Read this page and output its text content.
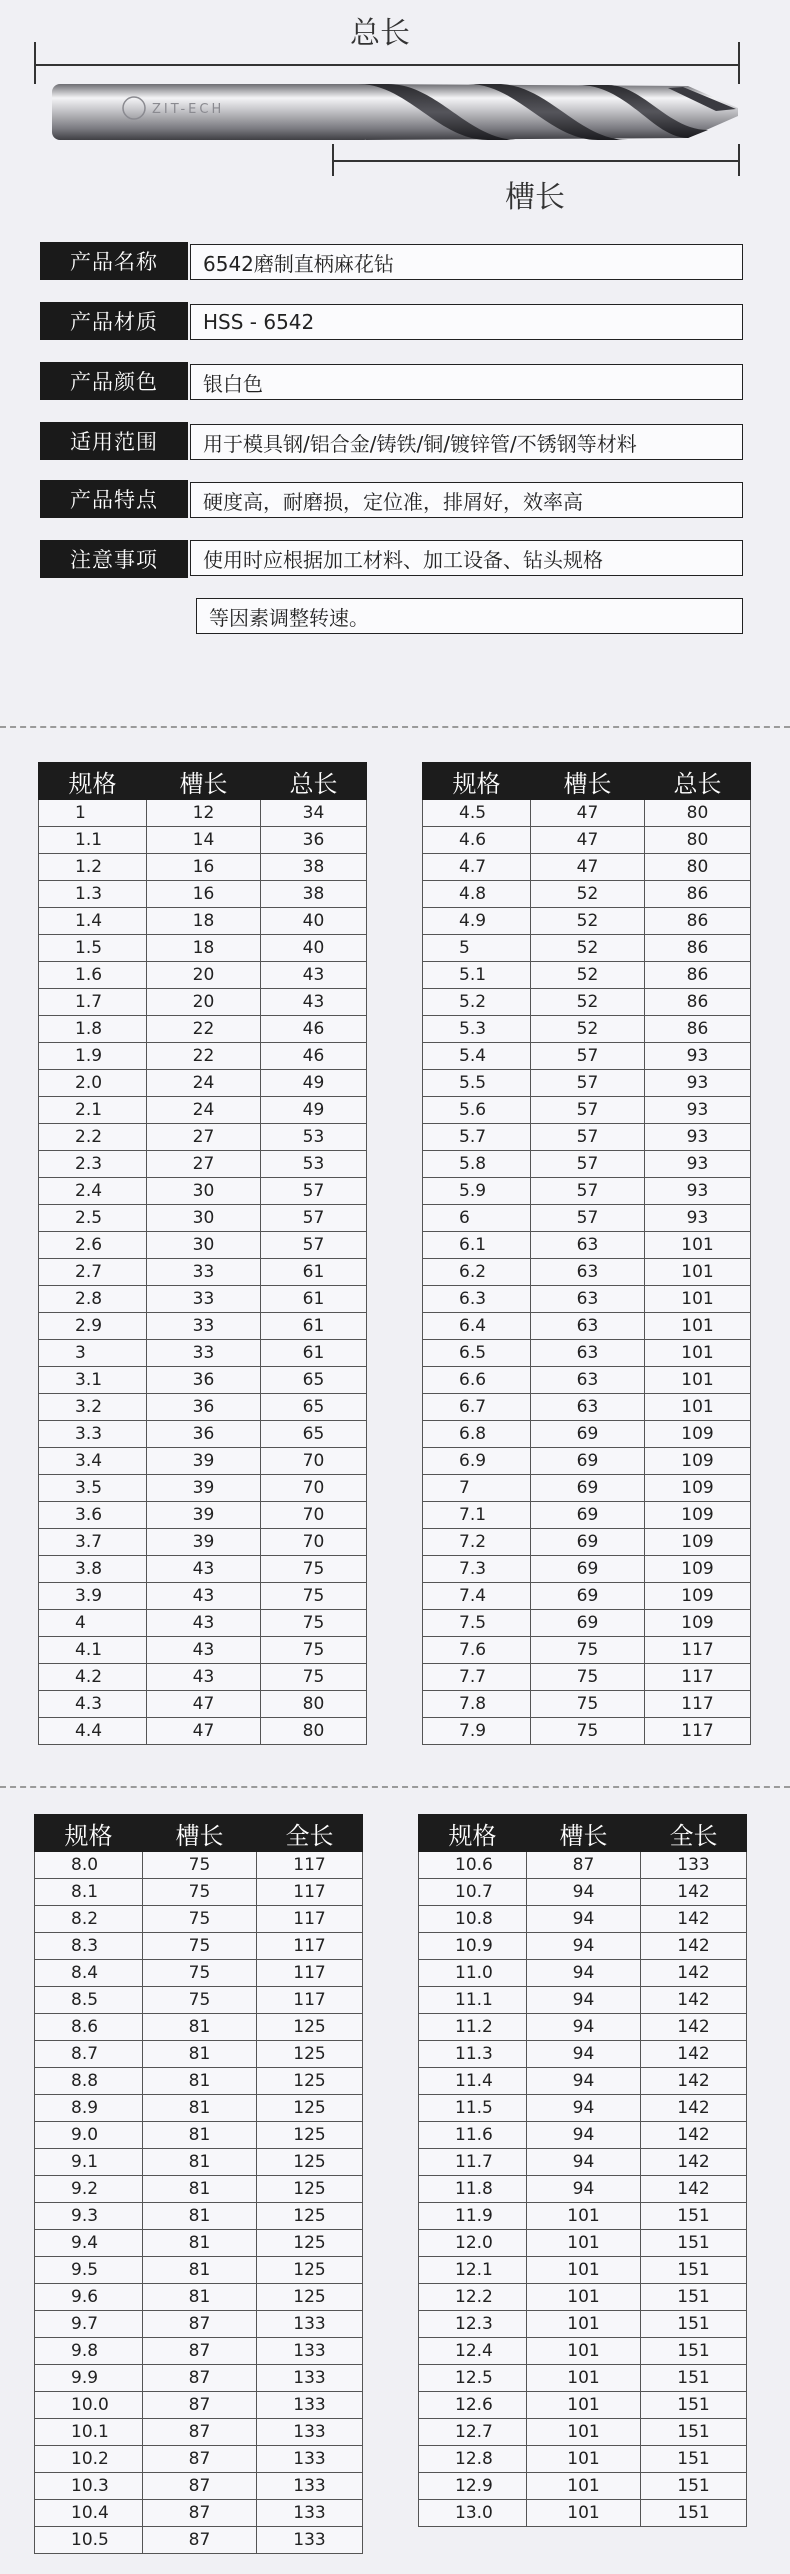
总长
ZIT-ECH
槽长
产品名称	6542磨制直柄麻花钻
产品材质	HSS - 6542
产品颜色	银白色
适用范围	用于模具钢/铝合金/铸铁/铜/镀锌管/不锈钢等材料
产品特点	硬度高，耐磨损，定位准，排屑好，效率高
注意事项	使用时应根据加工材料、加工设备、钻头规格
等因素调整转速。
规格	槽长	总长
1	12	34
1.1	14	36
1.2	16	38
1.3	16	38
1.4	18	40
1.5	18	40
1.6	20	43
1.7	20	43
1.8	22	46
1.9	22	46
2.0	24	49
2.1	24	49
2.2	27	53
2.3	27	53
2.4	30	57
2.5	30	57
2.6	30	57
2.7	33	61
2.8	33	61
2.9	33	61
3	33	61
3.1	36	65
3.2	36	65
3.3	36	65
3.4	39	70
3.5	39	70
3.6	39	70
3.7	39	70
3.8	43	75
3.9	43	75
4	43	75
4.1	43	75
4.2	43	75
4.3	47	80
4.4	47	80
规格	槽长	总长
4.5	47	80
4.6	47	80
4.7	47	80
4.8	52	86
4.9	52	86
5	52	86
5.1	52	86
5.2	52	86
5.3	52	86
5.4	57	93
5.5	57	93
5.6	57	93
5.7	57	93
5.8	57	93
5.9	57	93
6	57	93
6.1	63	101
6.2	63	101
6.3	63	101
6.4	63	101
6.5	63	101
6.6	63	101
6.7	63	101
6.8	69	109
6.9	69	109
7	69	109
7.1	69	109
7.2	69	109
7.3	69	109
7.4	69	109
7.5	69	109
7.6	75	117
7.7	75	117
7.8	75	117
7.9	75	117
规格	槽长	全长
8.0	75	117
8.1	75	117
8.2	75	117
8.3	75	117
8.4	75	117
8.5	75	117
8.6	81	125
8.7	81	125
8.8	81	125
8.9	81	125
9.0	81	125
9.1	81	125
9.2	81	125
9.3	81	125
9.4	81	125
9.5	81	125
9.6	81	125
9.7	87	133
9.8	87	133
9.9	87	133
10.0	87	133
10.1	87	133
10.2	87	133
10.3	87	133
10.4	87	133
10.5	87	133
规格	槽长	全长
10.6	87	133
10.7	94	142
10.8	94	142
10.9	94	142
11.0	94	142
11.1	94	142
11.2	94	142
11.3	94	142
11.4	94	142
11.5	94	142
11.6	94	142
11.7	94	142
11.8	94	142
11.9	101	151
12.0	101	151
12.1	101	151
12.2	101	151
12.3	101	151
12.4	101	151
12.5	101	151
12.6	101	151
12.7	101	151
12.8	101	151
12.9	101	151
13.0	101	151
